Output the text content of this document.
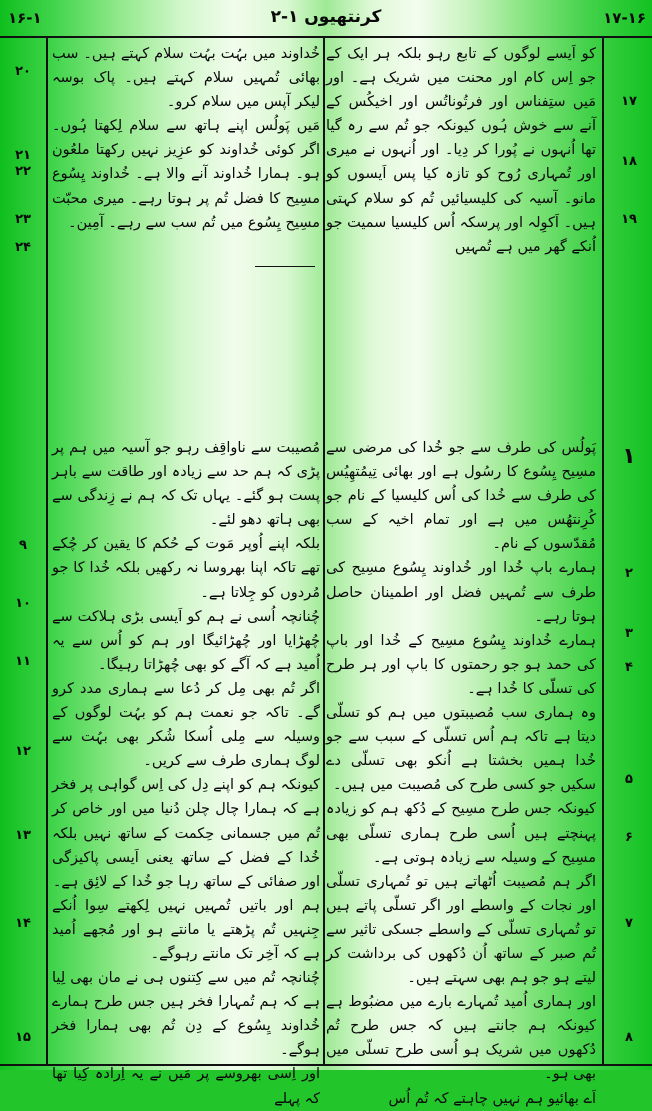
۱۶-۱	۲-۱ کرنتھیوں	۱۷-۱۶

کو اَیسے لوگوں کے تابع رہو بلکہ ہر ایک کے جو اِس کام اور محنت میں شریک ہے۔ اور مَیں ستِفناس اور فرتُوناتُس اور اخیکُس کے آنے سے خوش ہُوں کیونکہ جو تُم سے رہ گیا تھا اُنہوں نے پُورا کر دِیا۔ اور اُنہوں نے میری اور تُمہاری رُوح کو تازہ کیا پس اَیسوں کو مانو۔ آسیہ کی کلیسیائیں تُم کو سلام کہتی ہیں۔ اَکوِلہ اور پرسکہ اُس کلیسیا سمیت جو اُنکے گھر میں ہے تُمہیں

خُداوند میں بہُت بہُت سلام کہتے ہیں۔ سب بھائی تُمہیں سلام کہتے ہیں۔ پاک بوسہ لیکر آپس میں سلام کرو۔

مَیں پَولُس اپنے ہاتھ سے سلام لِکھتا ہُوں۔ اگر کوئی خُداوند کو عزِیز نہیں رکھتا ملعُون ہو۔ ہمارا خُداوند آنے والا ہے۔ خُداوند یِسُوع مسِیح کا فضل تُم پر ہوتا رہے۔ میری محبّت مسِیح یِسُوع میں تُم سب سے رہے۔ آمِین۔

۱۷
۱۸
۱۹
۲۰
۲۱
۲۲
۲۳
۲۴
۱

پَولُس کی طرف سے جو خُدا کی مرضی سے مسِیح یِسُوع کا رسُول ہے اور بھائی تِیمُتھِیُس کی طرف سے خُدا کی اُس کلیسیا کے نام جو کُرِنتھُس میں ہے اور تمام اخیہ کے سب مُقدّسوں کے نام۔

ہمارے باپ خُدا اور خُداوند یِسُوع مسِیح کی طرف سے تُمہیں فضل اور اطمینان حاصل ہوتا رہے۔

ہمارے خُداوند یِسُوع مسِیح کے خُدا اور باپ کی حمد ہو جو رحمتوں کا باپ اور ہر طرح کی تسلّی کا خُدا ہے۔

وہ ہماری سب مُصیبتوں میں ہم کو تسلّی دیتا ہے تاکہ ہم اُس تسلّی کے سبب سے جو خُدا ہمیں بخشتا ہے اُنکو بھی تسلّی دے سکیں جو کسی طرح کی مُصیبت میں ہیں۔

کیونکہ جس طرح مسِیح کے دُکھ ہم کو زیادہ پہنچتے ہیں اُسی طرح ہماری تسلّی بھی مسِیح کے وسیلہ سے زیادہ ہوتی ہے۔

اگر ہم مُصیبت اُٹھاتے ہیں تو تُمہاری تسلّی اور نجات کے واسطے اور اگر تسلّی پاتے ہیں تو تُمہاری تسلّی کے واسطے جسکی تاثیر سے تُم صبر کے ساتھ اُن دُکھوں کی برداشت کر لیتے ہو جو ہم بھی سہتے ہیں۔

اور ہماری اُمید تُمہارے بارے میں مضبُوط ہے کیونکہ ہم جانتے ہیں کہ جس طرح تُم دُکھوں میں شریک ہو اُسی طرح تسلّی میں بھی ہو۔

اَے بھائیو ہم نہیں چاہتے کہ تُم اُس

مُصیبت سے ناواقِف رہو جو آسیہ میں ہم پر پڑی کہ ہم حد سے زیادہ اور طاقت سے باہر پست ہو گئے۔ یہاں تک کہ ہم نے زِندگی سے بھی ہاتھ دھو لئے۔

بلکہ اپنے اُوپر مَوت کے حُکم کا یقین کر چُکے تھے تاکہ اپنا بھروسا نہ رکھیں بلکہ خُدا کا جو مُردوں کو جِلاتا ہے۔

چُنانچہ اُسی نے ہم کو اَیسی بڑی ہلاکت سے چُھڑایا اور چُھڑائیگا اور ہم کو اُس سے یہ اُمید ہے کہ آگے کو بھی چُھڑاتا رہیگا۔

اگر تُم بھی مِل کر دُعا سے ہماری مدد کرو گے۔ تاکہ جو نعمت ہم کو بہُت لوگوں کے وسیلہ سے مِلی اُسکا شُکر بھی بہُت سے لوگ ہماری طرف سے کریں۔

کیونکہ ہم کو اپنے دِل کی اِس گواہی پر فخر ہے کہ ہمارا چال چلن دُنیا میں اور خاص کر تُم میں جسمانی حِکمت کے ساتھ نہیں بلکہ خُدا کے فضل کے ساتھ یعنی اَیسی پاکیزگی اور صفائی کے ساتھ رہا جو خُدا کے لائِق ہے۔

ہم اور باتیں تُمہیں نہیں لِکھتے سِوا اُنکے جِنہیں تُم پڑھتے یا مانتے ہو اور مُجھے اُمید ہے کہ آخِر تک مانتے رہوگے۔

چُنانچہ تُم میں سے کِتنوں ہی نے مان بھی لِیا ہے کہ ہم تُمہارا فخر ہیں جس طرح ہمارے خُداوند یِسُوع کے دِن تُم بھی ہمارا فخر ہوگے۔

اور اِسی بھروسے پر مَیں نے یہ اِرادہ کِیا تھا کہ پہلے

۲
۳
۴
۵
۶
۷
۸
۹
۱۰
۱۱
۱۲
۱۳
۱۴
۱۵
